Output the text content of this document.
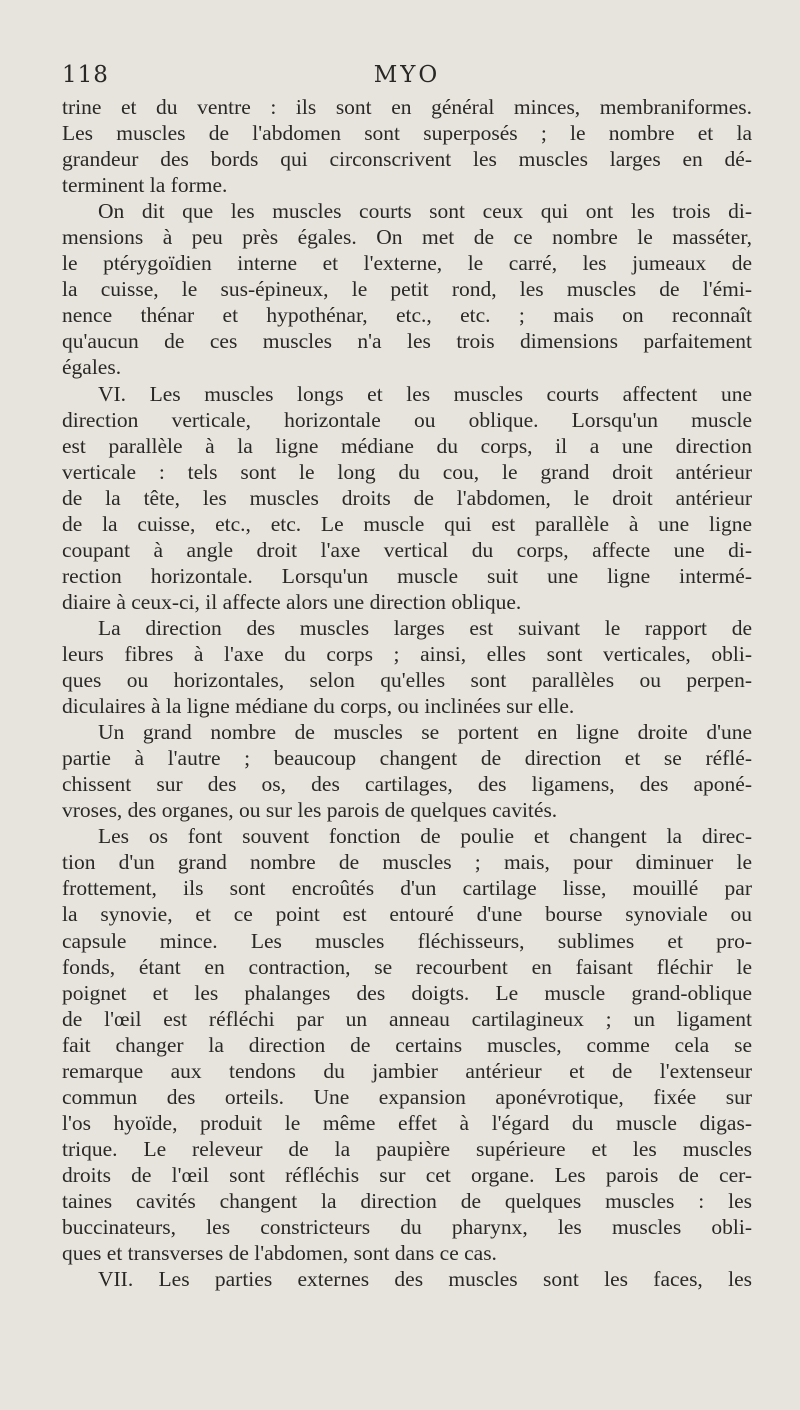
118	MYO
trine et du ventre : ils sont en général minces, membraniformes.
Les muscles de l'abdomen sont superposés ; le nombre et la
grandeur des bords qui circonscrivent les muscles larges en dé-
terminent la forme.
On dit que les muscles courts sont ceux qui ont les trois di-
mensions à peu près égales. On met de ce nombre le masséter,
le ptérygoïdien interne et l'externe, le carré, les jumeaux de
la cuisse, le sus-épineux, le petit rond, les muscles de l'émi-
nence thénar et hypothénar, etc., etc. ; mais on reconnaît
qu'aucun de ces muscles n'a les trois dimensions parfaitement
égales.
VI. Les muscles longs et les muscles courts affectent une
direction verticale, horizontale ou oblique. Lorsqu'un muscle
est parallèle à la ligne médiane du corps, il a une direction
verticale : tels sont le long du cou, le grand droit antérieur
de la tête, les muscles droits de l'abdomen, le droit antérieur
de la cuisse, etc., etc. Le muscle qui est parallèle à une ligne
coupant à angle droit l'axe vertical du corps, affecte une di-
rection horizontale. Lorsqu'un muscle suit une ligne intermé-
diaire à ceux-ci, il affecte alors une direction oblique.
La direction des muscles larges est suivant le rapport de
leurs fibres à l'axe du corps ; ainsi, elles sont verticales, obli-
ques ou horizontales, selon qu'elles sont parallèles ou perpen-
diculaires à la ligne médiane du corps, ou inclinées sur elle.
Un grand nombre de muscles se portent en ligne droite d'une
partie à l'autre ; beaucoup changent de direction et se réflé-
chissent sur des os, des cartilages, des ligamens, des aponé-
vroses, des organes, ou sur les parois de quelques cavités.
Les os font souvent fonction de poulie et changent la direc-
tion d'un grand nombre de muscles ; mais, pour diminuer le
frottement, ils sont encroûtés d'un cartilage lisse, mouillé par
la synovie, et ce point est entouré d'une bourse synoviale ou
capsule mince. Les muscles fléchisseurs, sublimes et pro-
fonds, étant en contraction, se recourbent en faisant fléchir le
poignet et les phalanges des doigts. Le muscle grand-oblique
de l'œil est réfléchi par un anneau cartilagineux ; un ligament
fait changer la direction de certains muscles, comme cela se
remarque aux tendons du jambier antérieur et de l'extenseur
commun des orteils. Une expansion aponévrotique, fixée sur
l'os hyoïde, produit le même effet à l'égard du muscle digas-
trique. Le releveur de la paupière supérieure et les muscles
droits de l'œil sont réfléchis sur cet organe. Les parois de cer-
taines cavités changent la direction de quelques muscles : les
buccinateurs, les constricteurs du pharynx, les muscles obli-
ques et transverses de l'abdomen, sont dans ce cas.
VII. Les parties externes des muscles sont les faces, les
